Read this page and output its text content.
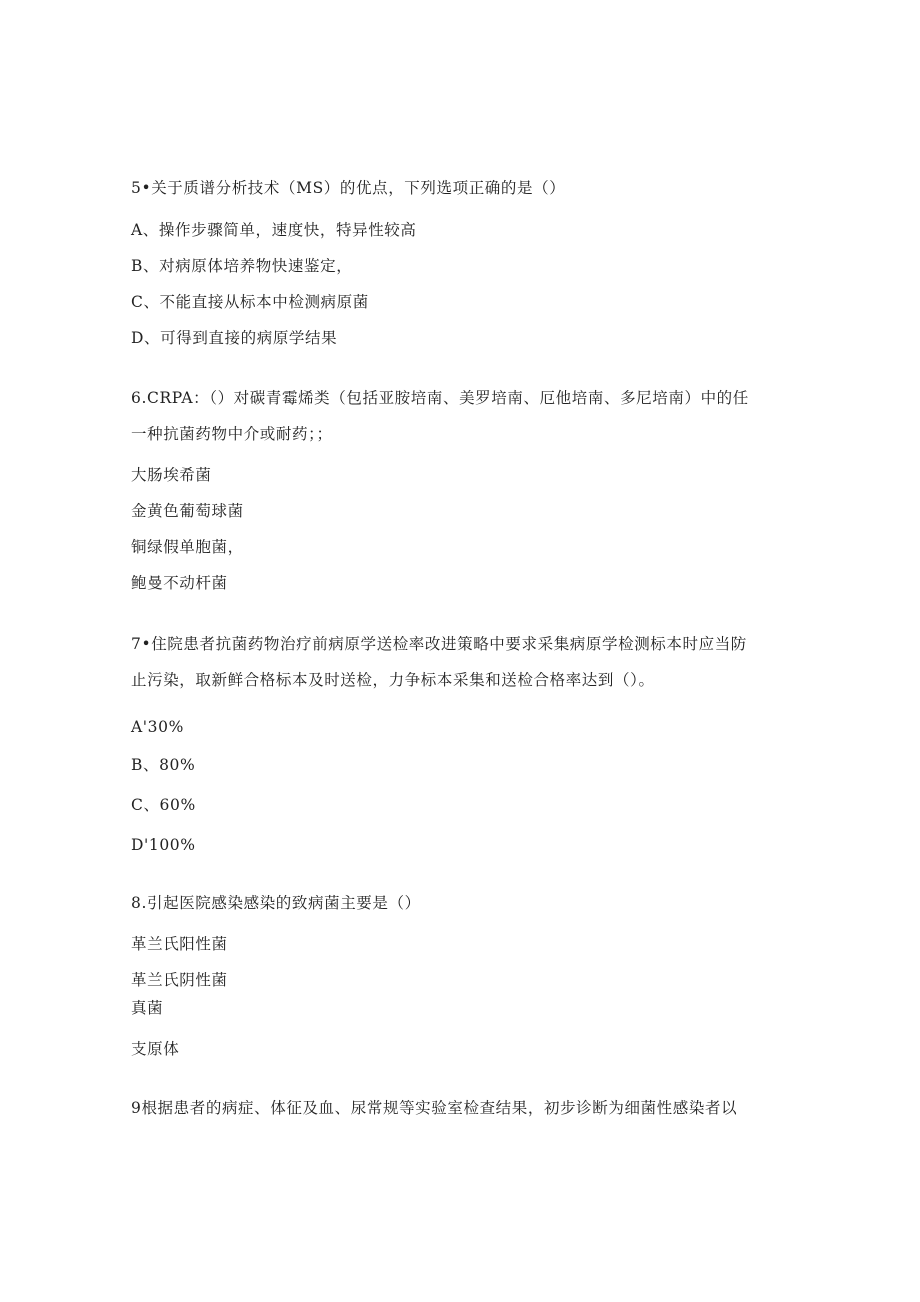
5•关于质谱分析技术（MS）的优点，下列选项正确的是（）
A、操作步骤简单，速度快，特异性较高
B、对病原体培养物快速鉴定，
C、不能直接从标本中检测病原菌
D、可得到直接的病原学结果
6.CRPA：（）对碳青霉烯类（包括亚胺培南、美罗培南、厄他培南、多尼培南）中的任
一种抗菌药物中介或耐药；；
大肠埃希菌
金黄色葡萄球菌
铜绿假单胞菌，
鲍曼不动杆菌
7•住院患者抗菌药物治疗前病原学送检率改进策略中要求采集病原学检测标本时应当防
止污染，取新鲜合格标本及时送检，力争标本采集和送检合格率达到（）。
A'30%
B、80%
C、60%
D'100%
8.引起医院感染感染的致病菌主要是（）
革兰氏阳性菌
革兰氏阴性菌
真菌
支原体
9根据患者的病症、体征及血、尿常规等实验室检查结果，初步诊断为细菌性感染者以
